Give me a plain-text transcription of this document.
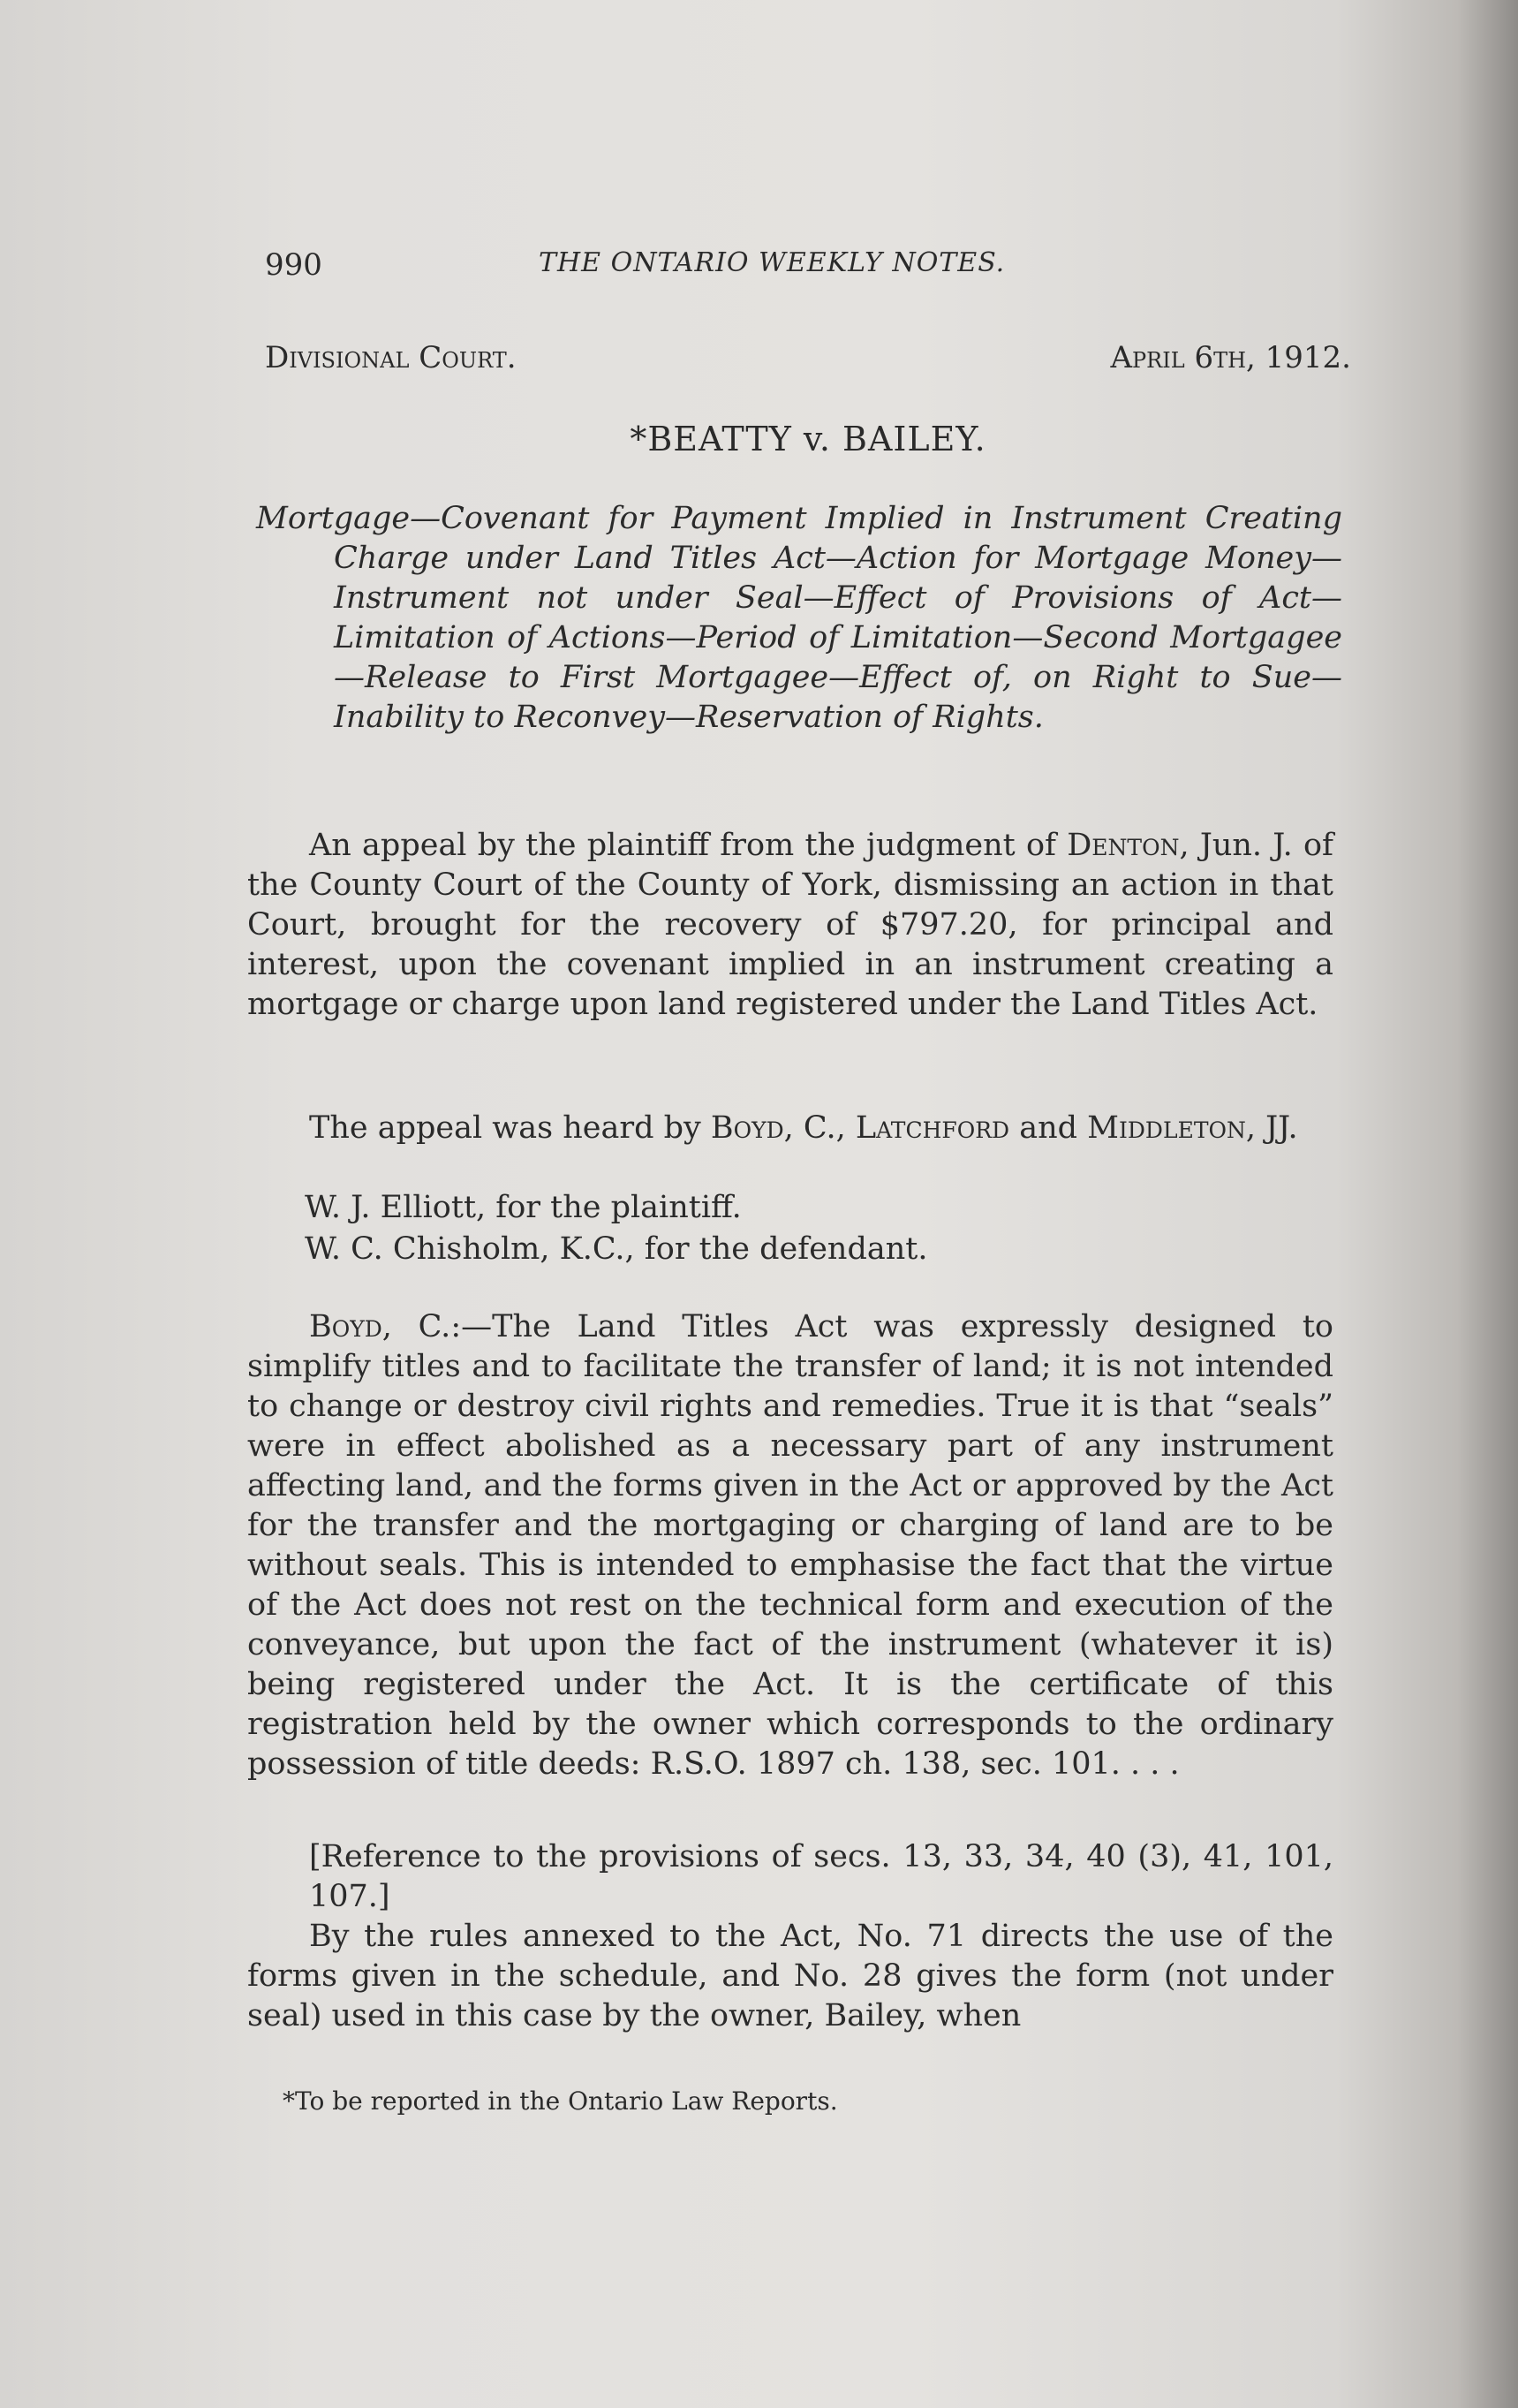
990	THE ONTARIO WEEKLY NOTES.
Divisional Court.	April 6th, 1912.
*BEATTY v. BAILEY.
Mortgage—Covenant for Payment Implied in Instrument Creating Charge under Land Titles Act—Action for Mortgage Money—Instrument not under Seal—Effect of Provisions of Act—Limitation of Actions—Period of Limitation—Second Mortgagee—Release to First Mortgagee—Effect of, on Right to Sue—Inability to Reconvey—Reservation of Rights.
An appeal by the plaintiff from the judgment of Denton, Jun. J. of the County Court of the County of York, dismissing an action in that Court, brought for the recovery of $797.20, for principal and interest, upon the covenant implied in an instrument creating a mortgage or charge upon land registered under the Land Titles Act.
The appeal was heard by Boyd, C., Latchford and Middleton, JJ.
W. J. Elliott, for the plaintiff.
W. C. Chisholm, K.C., for the defendant.
Boyd, C.:—The Land Titles Act was expressly designed to simplify titles and to facilitate the transfer of land; it is not intended to change or destroy civil rights and remedies. True it is that “seals” were in effect abolished as a necessary part of any instrument affecting land, and the forms given in the Act or approved by the Act for the transfer and the mortgaging or charging of land are to be without seals. This is intended to emphasise the fact that the virtue of the Act does not rest on the technical form and execution of the conveyance, but upon the fact of the instrument (whatever it is) being registered under the Act. It is the certificate of this registration held by the owner which corresponds to the ordinary possession of title deeds: R.S.O. 1897 ch. 138, sec. 101. . . .
[Reference to the provisions of secs. 13, 33, 34, 40 (3), 41, 101, 107.]
By the rules annexed to the Act, No. 71 directs the use of the forms given in the schedule, and No. 28 gives the form (not under seal) used in this case by the owner, Bailey, when
*To be reported in the Ontario Law Reports.
